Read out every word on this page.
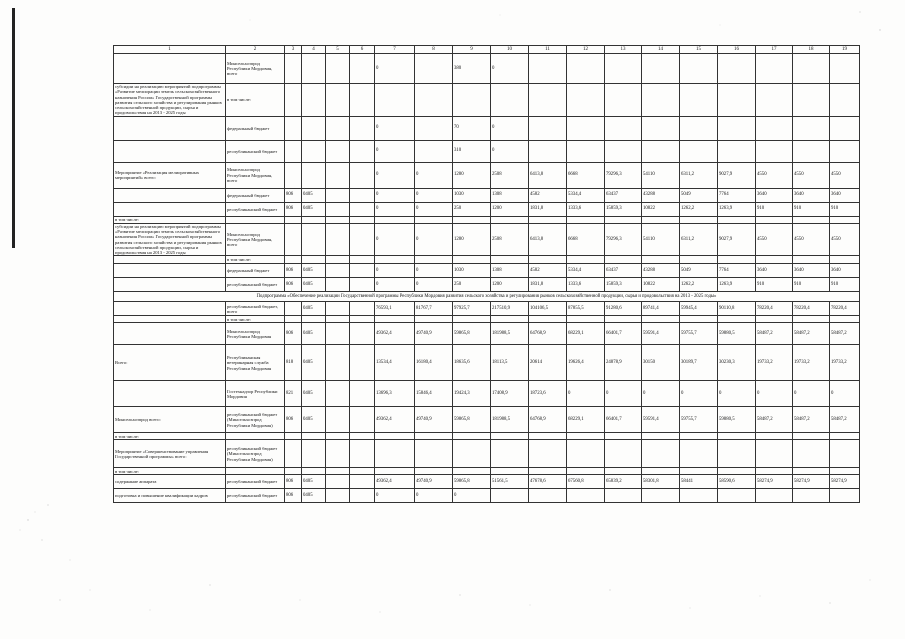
1	2	3	4	5	6	7	8	9	10	11	12	13	14	15	16	17	18	19
	Минсельхозпрод Республики Мордовия, всего					0		380	0									
субсидии на реализацию мероприятий подпрограммы «Развитие мелиорации земель сельскохозяйственного назначения России» Государственной программы развития сельского хозяйства и регулирования рынков сельскохозяйственной продукции, сырья и продовольствия на 2013 - 2025 годы	в том числе:																	
	федеральный бюджет					0		70	0									
	республиканский бюджет					0		310	0									
Мероприятие «Реализация мелиоративных мероприятий» всего:	Минсельхозпрод Республики Мордовия, всего					0	0	1280	2508	6413,8	6668	79296,3	54110	6311,2	9027,9	4550	4550	4550
	федеральный бюджет	806	0405			0	0	1030	1308	4582	5334,4	63437	43288	5049	7764	3640	3640	3640
	республиканский бюджет	806	0405			0	0	250	1200	1831,8	1333,6	15859,3	10822	1262,2	1263,9	910	910	910
в том числе:																		
субсидии на реализацию мероприятий подпрограммы «Развитие мелиорации земель сельскохозяйственного назначения России» Государственной программы развития сельского хозяйства и регулирования рынков сельскохозяйственной продукции, сырья и продовольствия на 2013 - 2025 годы	Минсельхозпрод Республики Мордовия, всего					0	0	1280	2508	6413,8	6668	79296,3	54110	6311,2	9027,9	4550	4550	4550
	в том числе:																	
	федеральный бюджет	806	0405			0	0	1030	1308	4582	5334,4	63437	43288	5049	7764	3640	3640	3640
	республиканский бюджет	806	0405			0	0	250	1200	1831,8	1333,6	15859,3	10822	1262,2	1263,9	910	910	910
Подпрограмма «Обеспечение реализации Государственной программы Республики Мордовия развития сельского хозяйства и регулирования рынков сельскохозяйственной продукции, сырья и продовольствия на 2013 - 2025 годы»																		
	республиканский бюджет, всего		0405			76593,1	81767,7	97925,7	217510,9	104106,5	87855,5	91280,6	89741,4	59945,4	90110,8	78220,4	78220,4	78220,4
	в том числе:																	
	Минсельхозпрод Республики Мордовия	806	0405			49362,4	49740,9	59865,8	181988,5	64768,9	68229,1	66401,7	59591,4	59755,7	59880,5	58487,2	58487,2	58487,2
Всего:	Республиканская ветеринарная служба Республики Мордовия	818	0405			13534,4	16180,4	18635,6	18113,5	20614	19626,4	24878,9	30150	30189,7	30230,3	19733,2	19733,2	19733,2
	Гостехнадзор Республики Мордовия	821	0405			13696,3	15846,4	19424,3	17408,9	18723,6	0	0	0	0	0	0	0	0
Минсельхозпрод всего:	республиканский бюджет (Минсельхозпрод Республики Мордовия)	806	0405			49362,4	49740,9	59865,8	181988,5	64768,9	68229,1	66401,7	59591,4	59755,7	59880,5	58487,2	58487,2	58487,2
в том числе:																		
Мероприятие «Совершенствование управления Государственной программы» всего:	республиканский бюджет (Минсельхозпрод Республики Мордовия)																	
в том числе:																		
содержание аппарата	республиканский бюджет	806	0405			49362,4	49740,9	59865,8	51561,5	47678,6	67560,8	65839,2	58301,8	58441	58590,6	58274,9	58274,9	58274,9
подготовка и повышение квалификации кадров	республиканский бюджет	806	0405			0	0	0										
